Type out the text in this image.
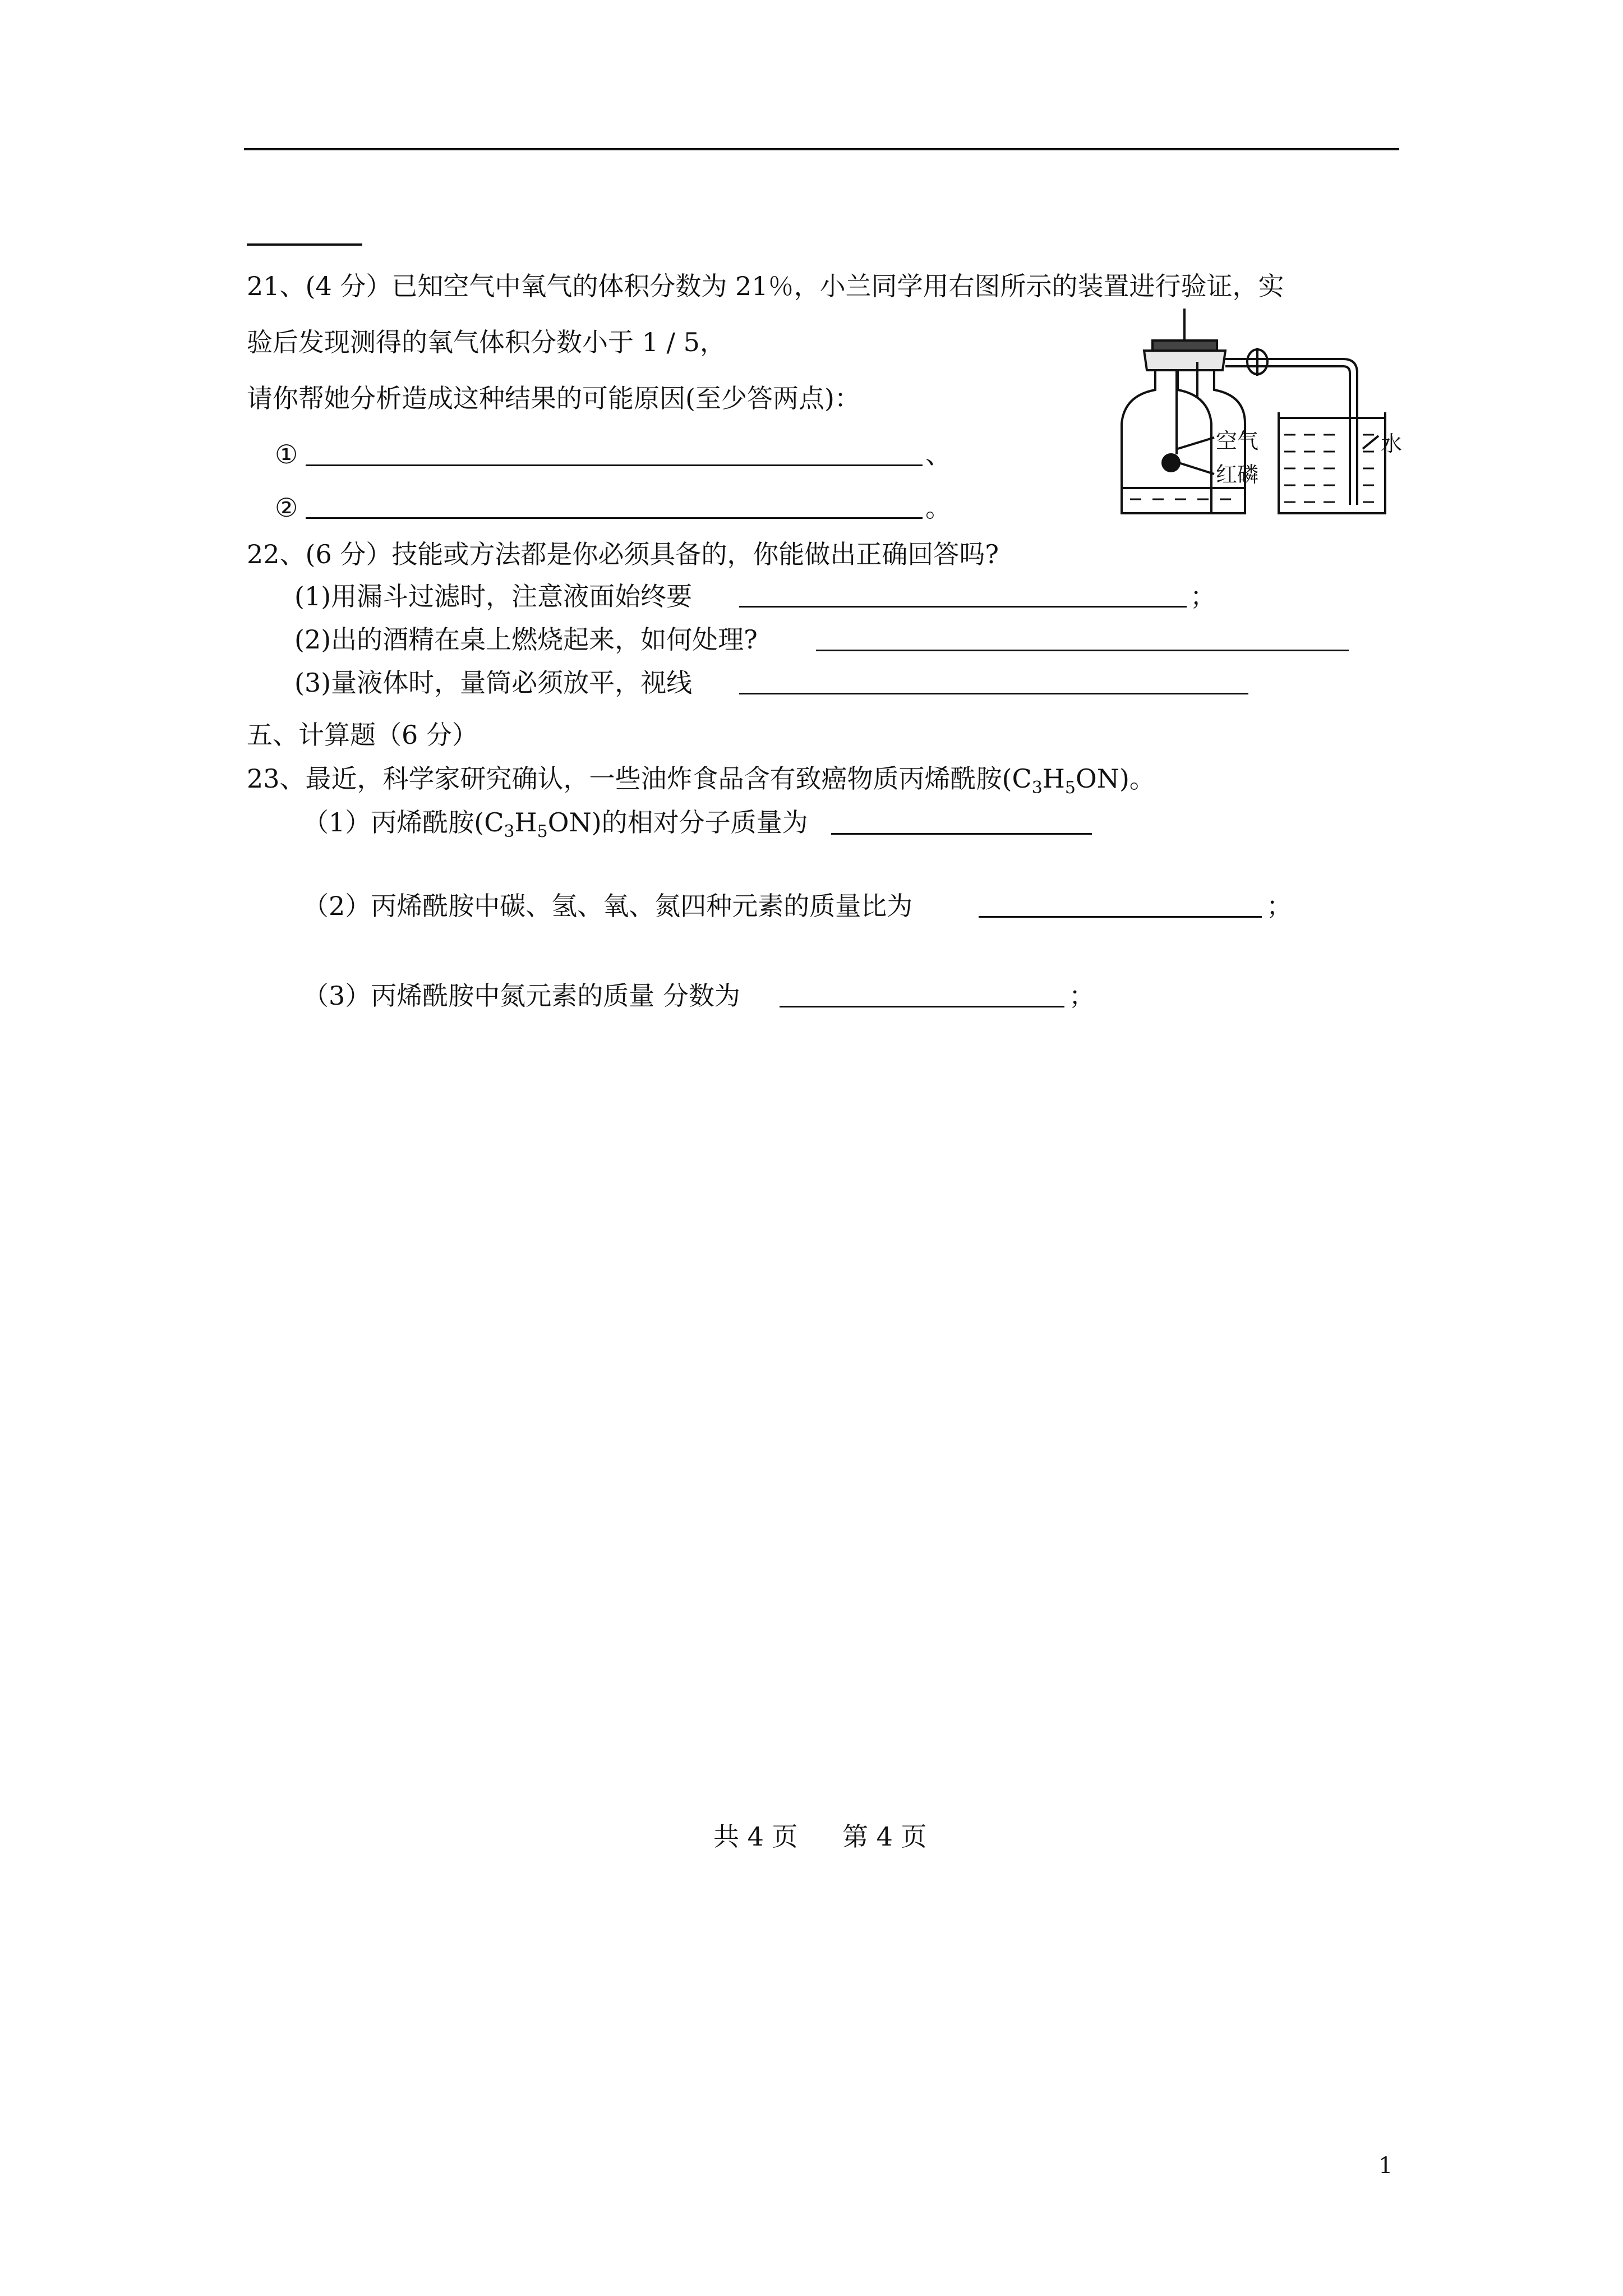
21、(4 分）已知空气中氧气的体积分数为 21％，小兰同学用右图所示的装置进行验证，实
验后发现测得的氧气体积分数小于 1 / 5，
请你帮她分析造成这种结果的可能原因(至少答两点)：
①	、
②	。
空气
红磷
水
22、(6 分）技能或方法都是你必须具备的，你能做出正确回答吗?
(1)用漏斗过滤时，注意液面始终要	；
(2)出的酒精在桌上燃烧起来，如何处理?
(3)量液体时，量筒必须放平，视线
五、计算题（6 分）
23、最近，科学家研究确认，一些油炸食品含有致癌物质丙烯酰胺$(C_3H_5ON)$。
（1）丙烯酰胺$(C_3H_5ON)$的相对分子质量为
（2）丙烯酰胺中碳、氢、氧、氮四种元素的质量比为	；
（3）丙烯酰胺中氮元素的质量 分数为	；
共 4 页 第 4 页
1
